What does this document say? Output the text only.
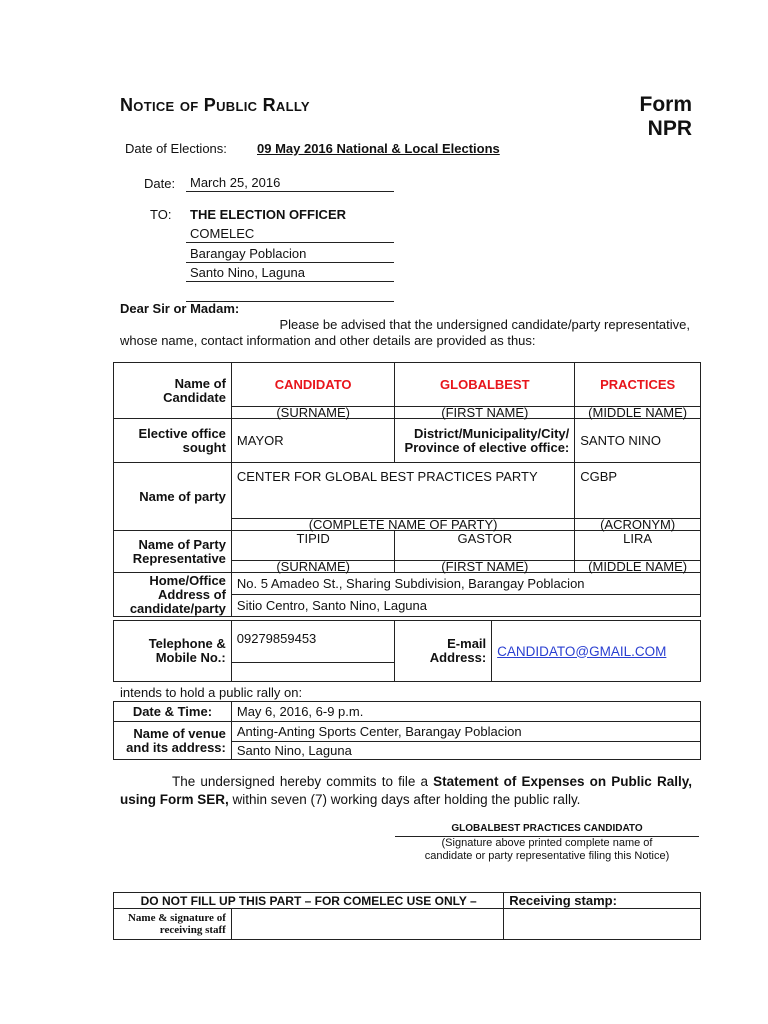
Notice of Public Rally	Form
NPR
Date of Elections: 09 May 2016 National & Local Elections
Date:	March 25, 2016
TO: THE ELECTION OFFICER
COMELEC
Barangay Poblacion
Santo Nino, Laguna
Dear Sir or Madam:
Please be advised that the undersigned candidate/party representative,
whose name, contact information and other details are provided as thus:
Name of Candidate	CANDIDATO	GLOBALBEST	PRACTICES
	(SURNAME)	(FIRST NAME)	(MIDDLE NAME)
Elective office sought	MAYOR	District/Municipality/City/ Province of elective office:	SANTO NINO
Name of party	CENTER FOR GLOBAL BEST PRACTICES PARTY		CGBP
	(COMPLETE NAME OF PARTY)		(ACRONYM)
Name of Party Representative	TIPID	GASTOR	LIRA
	(SURNAME)	(FIRST NAME)	(MIDDLE NAME)
Home/Office Address of candidate/party	No. 5 Amadeo St., Sharing Subdivision, Barangay Poblacion		
	Sitio Centro, Santo Nino, Laguna		
Telephone & Mobile No.:	09279859453	E-mail Address:	CANDIDATO@GMAIL.COM

intends to hold a public rally on:
Date & Time:	May 6, 2016, 6-9 p.m.
Name of venue and its address:	Anting-Anting Sports Center, Barangay Poblacion
	Santo Nino, Laguna
The undersigned hereby commits to file a Statement of Expenses on Public Rally, using Form SER, within seven (7) working days after holding the public rally.
GLOBALBEST PRACTICES CANDIDATO
(Signature above printed complete name of
candidate or party representative filing this Notice)
DO NOT FILL UP THIS PART – FOR COMELEC USE ONLY –		Receiving stamp:
Name & signature of receiving staff		
